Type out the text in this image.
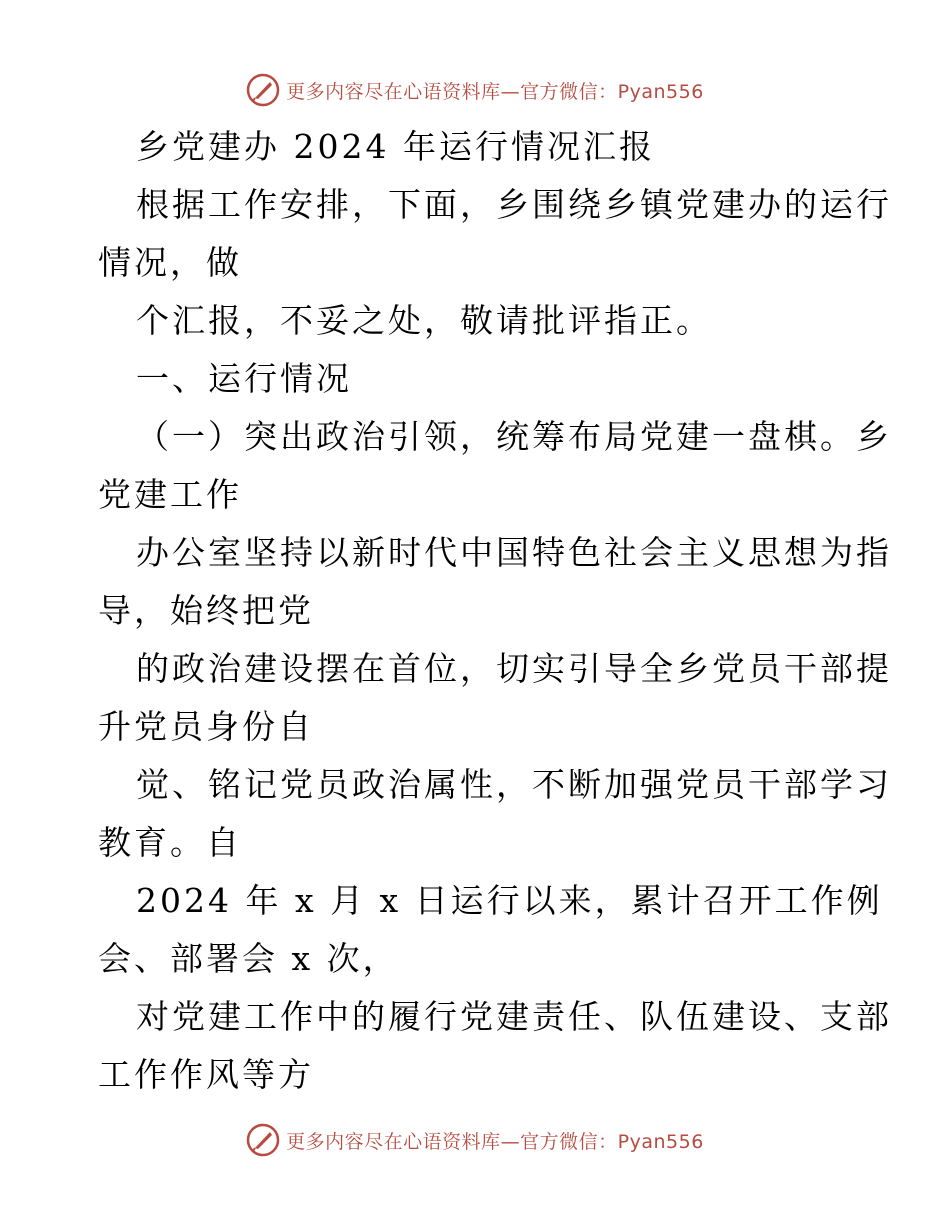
更多内容尽在心语资料库—官方微信：Pyan556

乡党建办 2024 年运行情况汇报

根据工作安排，下面，乡围绕乡镇党建办的运行

情况，做

个汇报，不妥之处，敬请批评指正。

一、运行情况

（一）突出政治引领，统筹布局党建一盘棋。乡

党建工作

办公室坚持以新时代中国特色社会主义思想为指

导，始终把党

的政治建设摆在首位，切实引导全乡党员干部提

升党员身份自

觉、铭记党员政治属性，不断加强党员干部学习

教育。自

2024 年 x 月 x 日运行以来，累计召开工作例

会、部署会 x 次，

对党建工作中的履行党建责任、队伍建设、支部

工作作风等方

更多内容尽在心语资料库—官方微信：Pyan556
